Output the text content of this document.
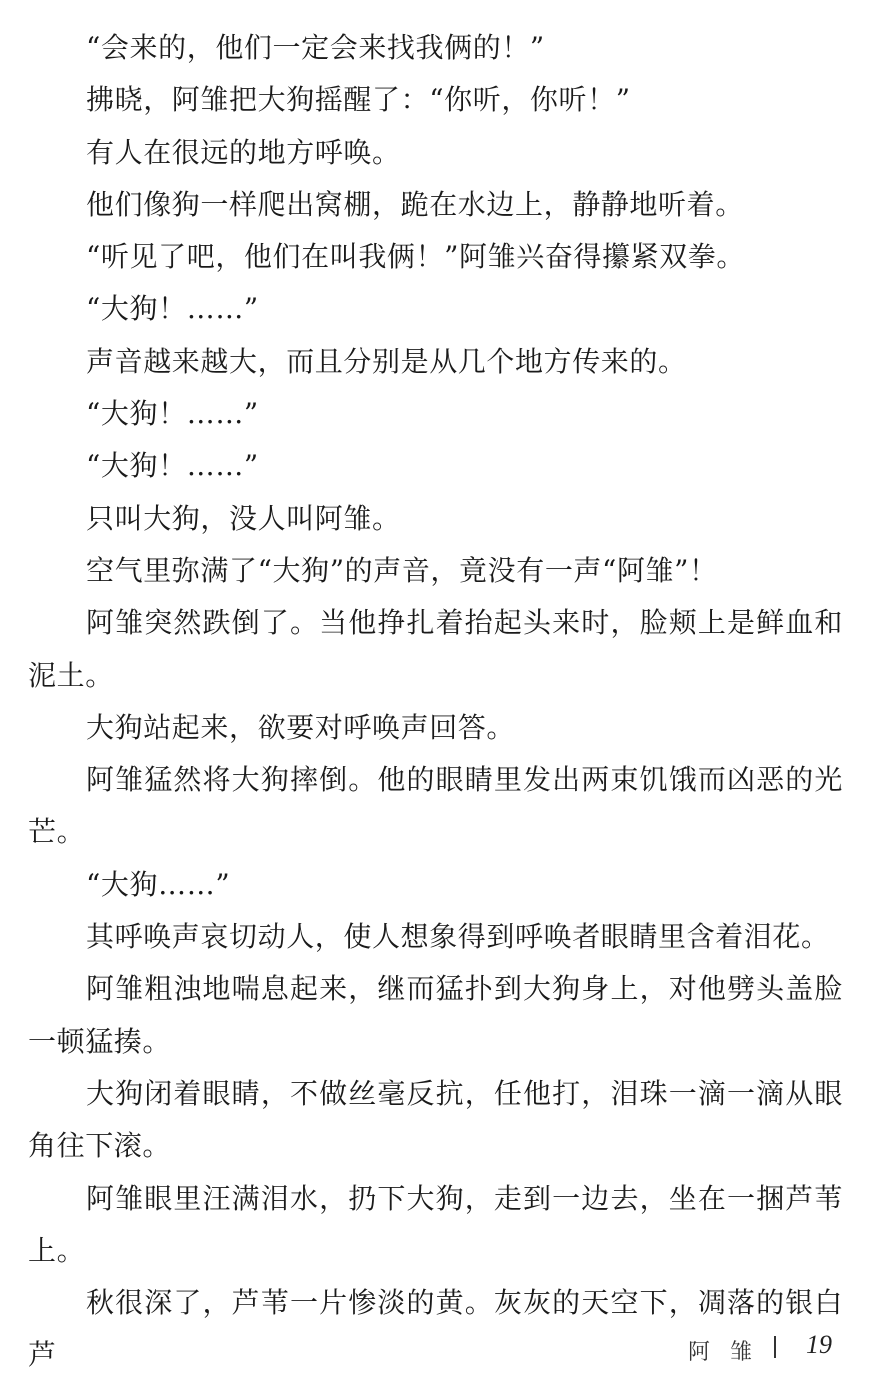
“会来的，他们一定会来找我俩的！”

拂晓，阿雏把大狗摇醒了：“你听，你听！”

有人在很远的地方呼唤。

他们像狗一样爬出窝棚，跪在水边上，静静地听着。

“听见了吧，他们在叫我俩！”阿雏兴奋得攥紧双拳。

“大狗！……”

声音越来越大，而且分别是从几个地方传来的。

“大狗！……”

“大狗！……”

只叫大狗，没人叫阿雏。

空气里弥满了“大狗”的声音，竟没有一声“阿雏”！

阿雏突然跌倒了。当他挣扎着抬起头来时，脸颊上是鲜血和泥土。

大狗站起来，欲要对呼唤声回答。

阿雏猛然将大狗摔倒。他的眼睛里发出两束饥饿而凶恶的光芒。

“大狗……”

其呼唤声哀切动人，使人想象得到呼唤者眼睛里含着泪花。

阿雏粗浊地喘息起来，继而猛扑到大狗身上，对他劈头盖脸一顿猛揍。

大狗闭着眼睛，不做丝毫反抗，任他打，泪珠一滴一滴从眼角往下滚。

阿雏眼里汪满泪水，扔下大狗，走到一边去，坐在一捆芦苇上。

秋很深了，芦苇一片惨淡的黄。灰灰的天空下，凋落的银白芦	阿雏 19
